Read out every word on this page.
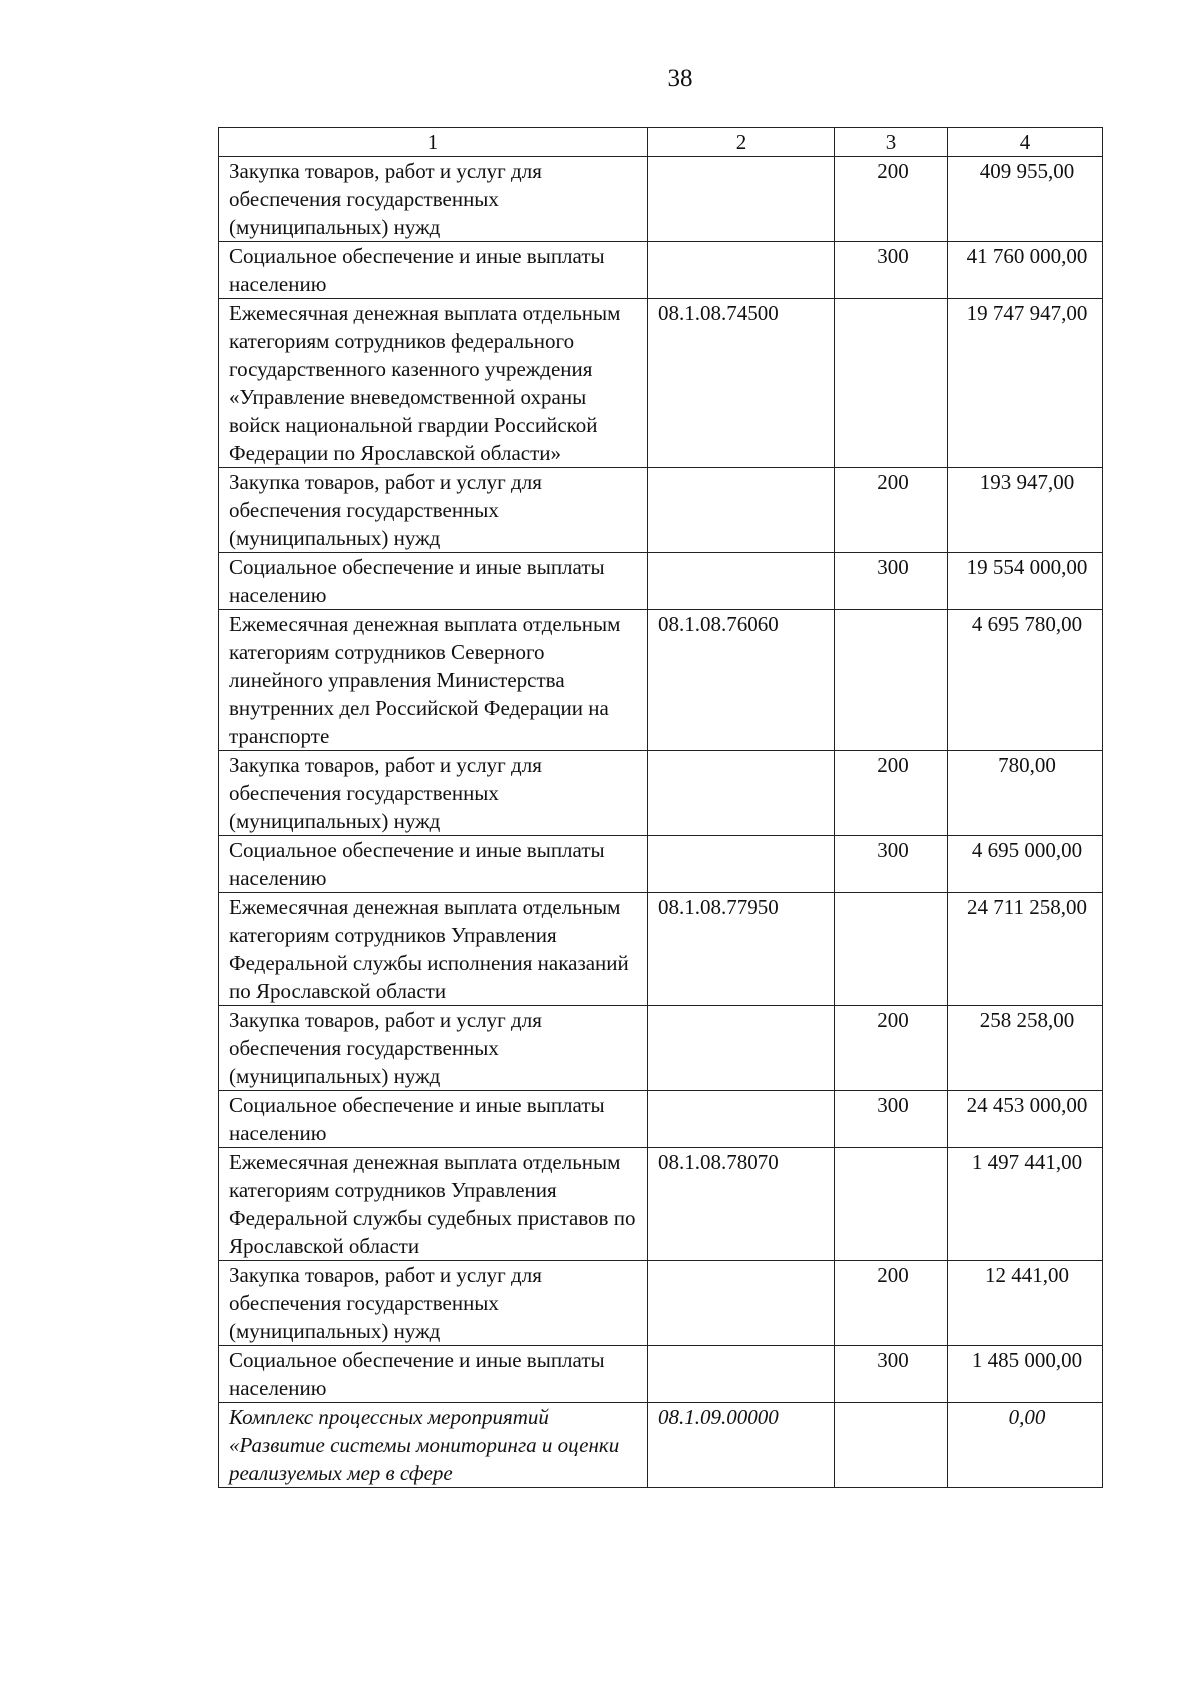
38
1	2	3	4
Закупка товаров, работ и услуг для обеспечения государственных (муниципальных) нужд		200	409 955,00
Социальное обеспечение и иные выплаты населению		300	41 760 000,00
Ежемесячная денежная выплата отдельным категориям сотрудников федерального государственного казенного учреждения «Управление вневедомственной охраны войск национальной гвардии Российской Федерации по Ярославской области»	08.1.08.74500		19 747 947,00
Закупка товаров, работ и услуг для обеспечения государственных (муниципальных) нужд		200	193 947,00
Социальное обеспечение и иные выплаты населению		300	19 554 000,00
Ежемесячная денежная выплата отдельным категориям сотрудников Северного линейного управления Министерства внутренних дел Российской Федерации на транспорте	08.1.08.76060		4 695 780,00
Закупка товаров, работ и услуг для обеспечения государственных (муниципальных) нужд		200	780,00
Социальное обеспечение и иные выплаты населению		300	4 695 000,00
Ежемесячная денежная выплата отдельным категориям сотрудников Управления Федеральной службы исполнения наказаний по Ярославской области	08.1.08.77950		24 711 258,00
Закупка товаров, работ и услуг для обеспечения государственных (муниципальных) нужд		200	258 258,00
Социальное обеспечение и иные выплаты населению		300	24 453 000,00
Ежемесячная денежная выплата отдельным категориям сотрудников Управления Федеральной службы судебных приставов по Ярославской области	08.1.08.78070		1 497 441,00
Закупка товаров, работ и услуг для обеспечения государственных (муниципальных) нужд		200	12 441,00
Социальное обеспечение и иные выплаты населению		300	1 485 000,00
Комплекс процессных мероприятий «Развитие системы мониторинга и оценки реализуемых мер в сфере	08.1.09.00000		0,00
